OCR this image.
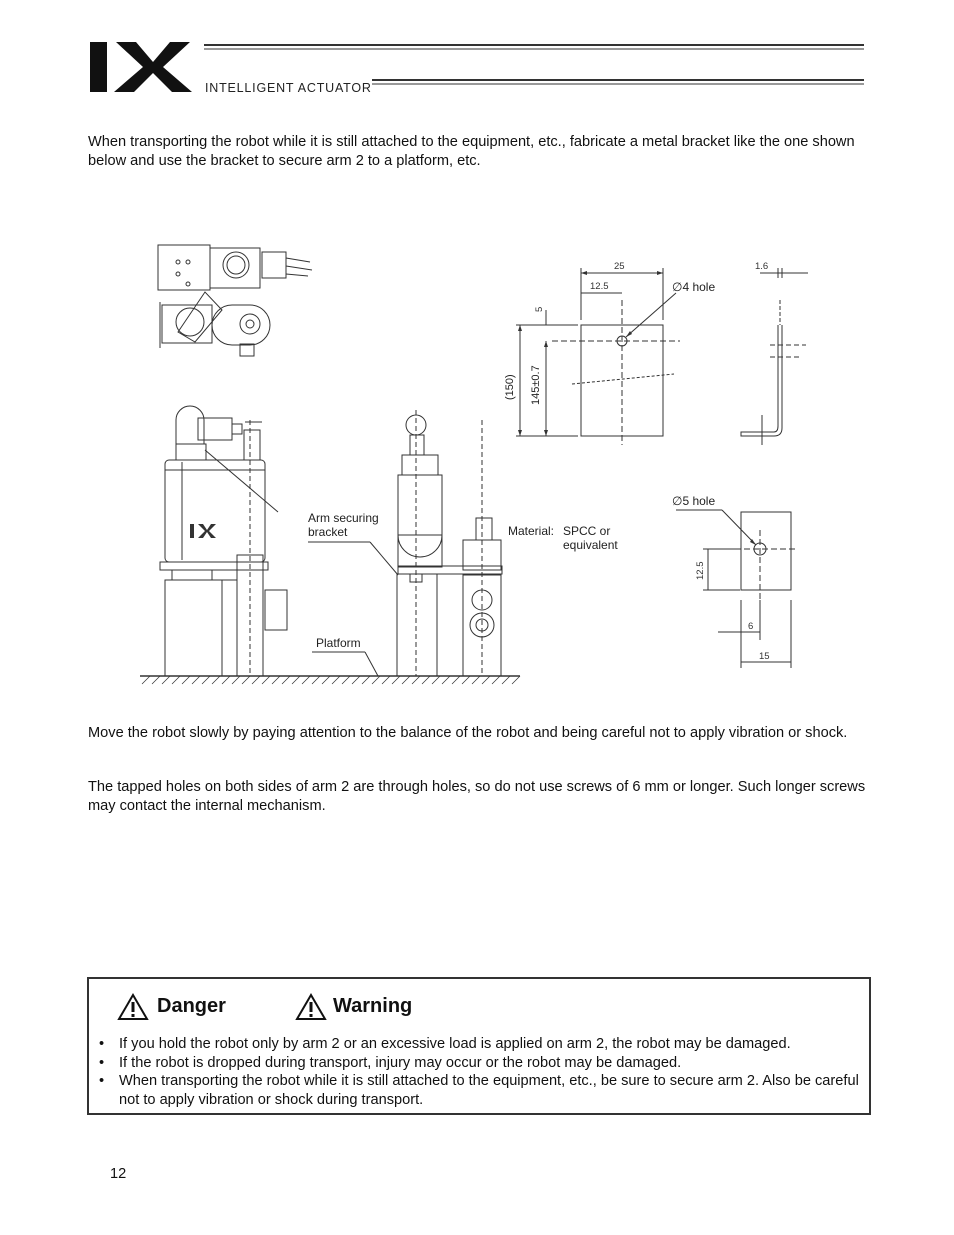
INTELLIGENT ACTUATOR

When transporting the robot while it is still attached to the equipment, etc., fabricate a metal bracket like the one shown below and use the bracket to secure arm 2 to a platform, etc.

Arm securing
bracket
Platform
Material: SPCC or
equivalent
∅4 hole
∅5 hole
25
12.5
1.6
5
(150) 145±0.7
12.5
6
15

Move the robot slowly by paying attention to the balance of the robot and being careful not to apply vibration or shock.

The tapped holes on both sides of arm 2 are through holes, so do not use screws of 6 mm or longer. Such longer screws may contact the internal mechanism.

Danger	Warning
• If you hold the robot only by arm 2 or an excessive load is applied on arm 2, the robot may be damaged.
• If the robot is dropped during transport, injury may occur or the robot may be damaged.
• When transporting the robot while it is still attached to the equipment, etc., be sure to secure arm 2. Also be careful not to apply vibration or shock during transport.
12
